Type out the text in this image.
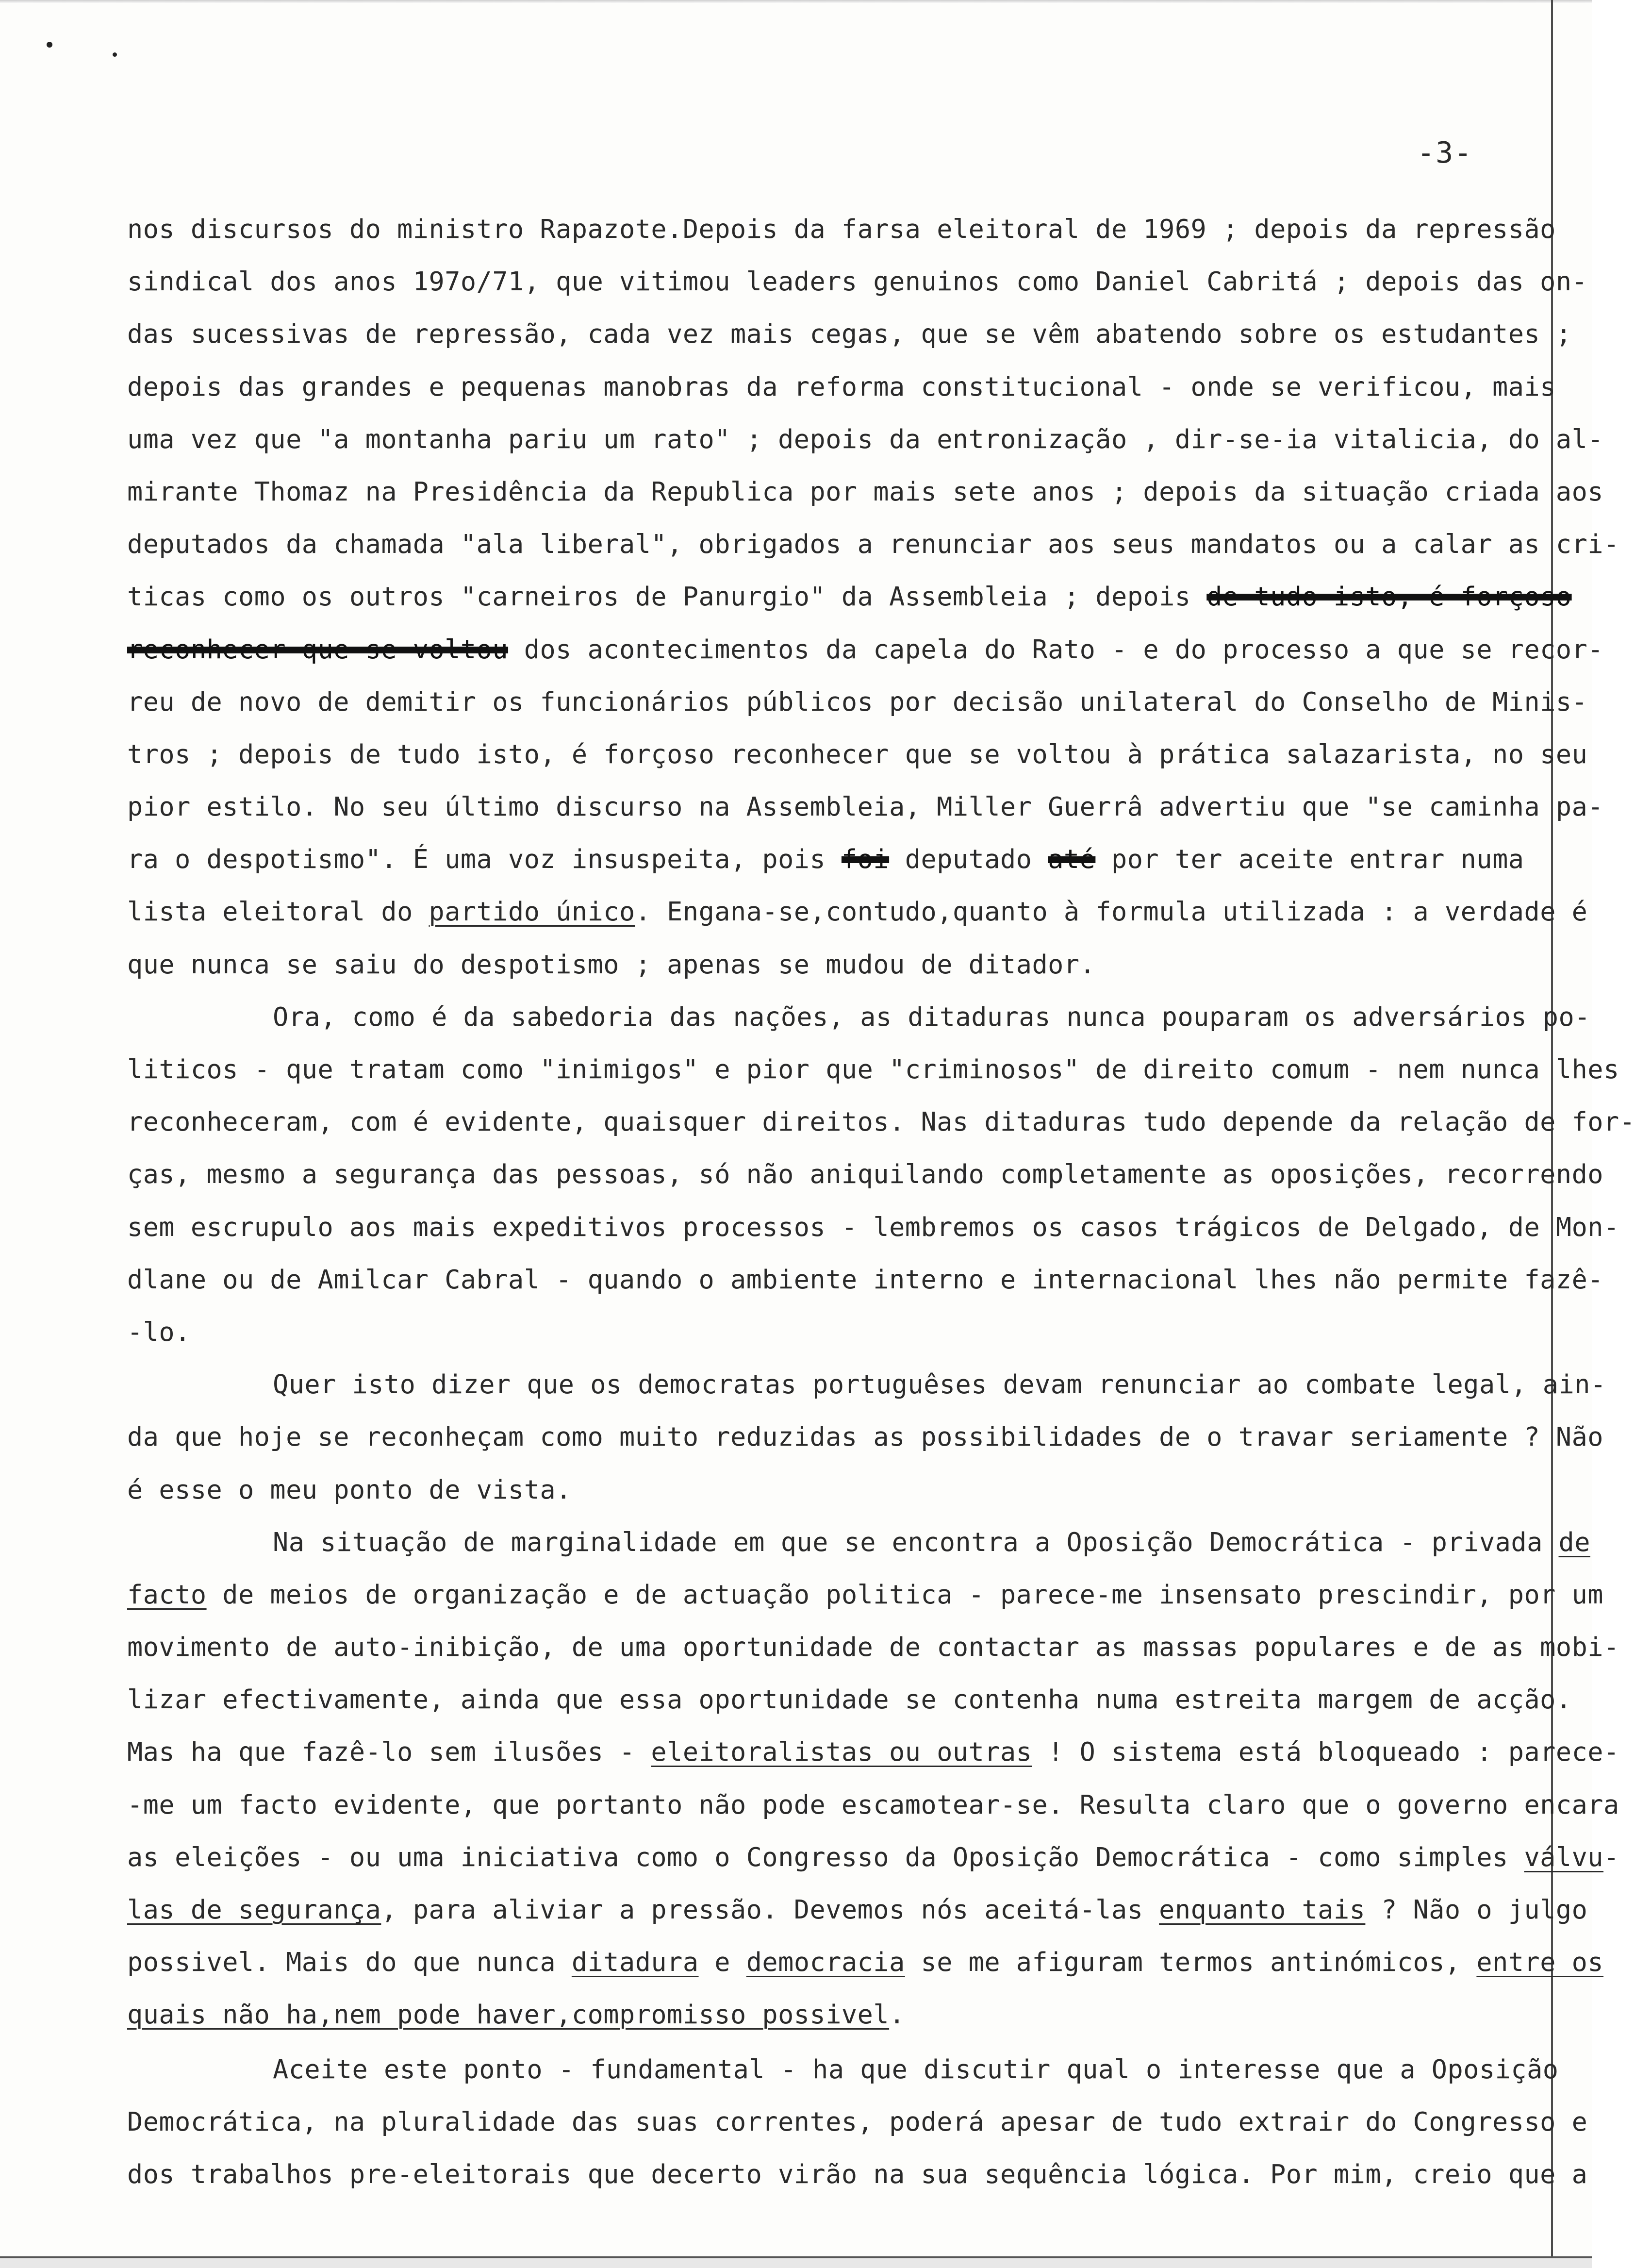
-3-
nos discursos do ministro Rapazote.Depois da farsa eleitoral de 1969 ; depois da repressão
sindical dos anos 197o/71, que vitimou leaders genuinos como Daniel Cabritá ; depois das on-
das sucessivas de repressão, cada vez mais cegas, que se vêm abatendo sobre os estudantes ;
depois das grandes e pequenas manobras da reforma constitucional - onde se verificou, mais
uma vez que "a montanha pariu um rato" ; depois da entronização , dir-se-ia vitalicia, do al-
mirante Thomaz na Presidência da Republica por mais sete anos ; depois da situação criada aos
deputados da chamada "ala liberal", obrigados a renunciar aos seus mandatos ou a calar as cri-
ticas como os outros "carneiros de Panurgio" da Assembleia ; depois de tudo isto, é forçoso
reconhecer que se voltou dos acontecimentos da capela do Rato - e do processo a que se recor-
reu de novo de demitir os funcionários públicos por decisão unilateral do Conselho de Minis-
tros ; depois de tudo isto, é forçoso reconhecer que se voltou à prática salazarista, no seu
pior estilo. No seu último discurso na Assembleia, Miller Guerrâ advertiu que "se caminha pa-
ra o despotismo". É uma voz insuspeita, pois foi deputado até por ter aceite entrar numa
lista eleitoral do partido único. Engana-se,contudo,quanto à formula utilizada : a verdade é
que nunca se saiu do despotismo ; apenas se mudou de ditador.
Ora, como é da sabedoria das nações, as ditaduras nunca pouparam os adversários po-
liticos - que tratam como "inimigos" e pior que "criminosos" de direito comum - nem nunca lhes
reconheceram, com é evidente, quaisquer direitos. Nas ditaduras tudo depende da relação de for-
ças, mesmo a segurança das pessoas, só não aniquilando completamente as oposições, recorrendo
sem escrupulo aos mais expeditivos processos - lembremos os casos trágicos de Delgado, de Mon-
dlane ou de Amilcar Cabral - quando o ambiente interno e internacional lhes não permite fazê-
-lo.
Quer isto dizer que os democratas portuguêses devam renunciar ao combate legal, ain-
da que hoje se reconheçam como muito reduzidas as possibilidades de o travar seriamente ? Não
é esse o meu ponto de vista.
Na situação de marginalidade em que se encontra a Oposição Democrática - privada de
facto de meios de organização e de actuação politica - parece-me insensato prescindir, por um
movimento de auto-inibição, de uma oportunidade de contactar as massas populares e de as mobi-
lizar efectivamente, ainda que essa oportunidade se contenha numa estreita margem de acção.
Mas ha que fazê-lo sem ilusões - eleitoralistas ou outras ! O sistema está bloqueado : parece-
-me um facto evidente, que portanto não pode escamotear-se. Resulta claro que o governo encara
as eleições - ou uma iniciativa como o Congresso da Oposição Democrática - como simples válvu-
las de segurança, para aliviar a pressão. Devemos nós aceitá-las enquanto tais ? Não o julgo
possivel. Mais do que nunca ditadura e democracia se me afiguram termos antinómicos, entre os
quais não ha,nem pode haver,compromisso possivel.
Aceite este ponto - fundamental - ha que discutir qual o interesse que a Oposição
Democrática, na pluralidade das suas correntes, poderá apesar de tudo extrair do Congresso e
dos trabalhos pre-eleitorais que decerto virão na sua sequência lógica. Por mim, creio que a
